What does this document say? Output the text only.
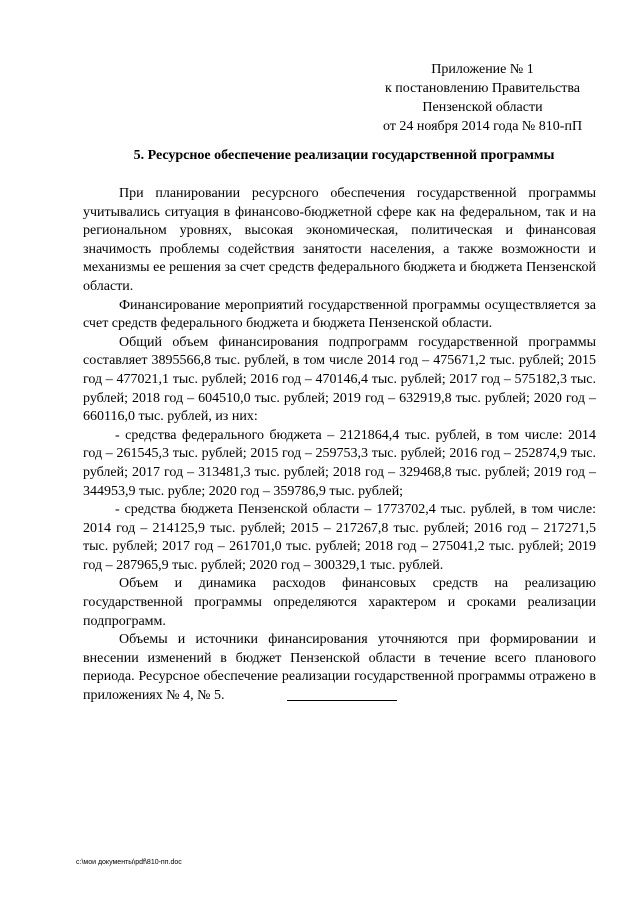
Приложение № 1
к постановлению Правительства
Пензенской области
от 24 ноября 2014 года № 810-пП
5. Ресурсное обеспечение реализации государственной программы

При планировании ресурсного обеспечения государственной программы учитывались ситуация в финансово-бюджетной сфере как на федеральном, так и на региональном уровнях, высокая экономическая, политическая и финансовая значимость проблемы содействия занятости населения, а также возможности и механизмы ее решения за счет средств федерального бюджета и бюджета Пензенской области.

Финансирование мероприятий государственной программы осуществляется за счет средств федерального бюджета и бюджета Пензенской области.

Общий объем финансирования подпрограмм государственной программы составляет 3895566,8 тыс. рублей, в том числе 2014 год – 475671,2 тыс. рублей; 2015 год – 477021,1 тыс. рублей; 2016 год – 470146,4 тыс. рублей; 2017 год – 575182,3 тыс. рублей; 2018 год – 604510,0 тыс. рублей; 2019 год – 632919,8 тыс. рублей; 2020 год – 660116,0 тыс. рублей, из них:

- средства федерального бюджета – 2121864,4 тыс. рублей, в том числе: 2014 год – 261545,3 тыс. рублей; 2015 год – 259753,3 тыс. рублей; 2016 год – 252874,9 тыс. рублей; 2017 год – 313481,3 тыс. рублей; 2018 год – 329468,8 тыс. рублей; 2019 год – 344953,9 тыс. рубле; 2020 год – 359786,9 тыс. рублей;

- средства бюджета Пензенской области – 1773702,4 тыс. рублей, в том числе: 2014 год – 214125,9 тыс. рублей; 2015 – 217267,8 тыс. рублей; 2016 год – 217271,5 тыс. рублей; 2017 год – 261701,0 тыс. рублей; 2018 год – 275041,2 тыс. рублей; 2019 год – 287965,9 тыс. рублей; 2020 год – 300329,1 тыс. рублей.

Объем и динамика расходов финансовых средств на реализацию государственной программы определяются характером и сроками реализации подпрограмм.

Объемы и источники финансирования уточняются при формировании и внесении изменений в бюджет Пензенской области в течение всего планового периода. Ресурсное обеспечение реализации государственной программы отражено в приложениях № 4, № 5.

c:\мои документы\pdf\810-пп.doc
